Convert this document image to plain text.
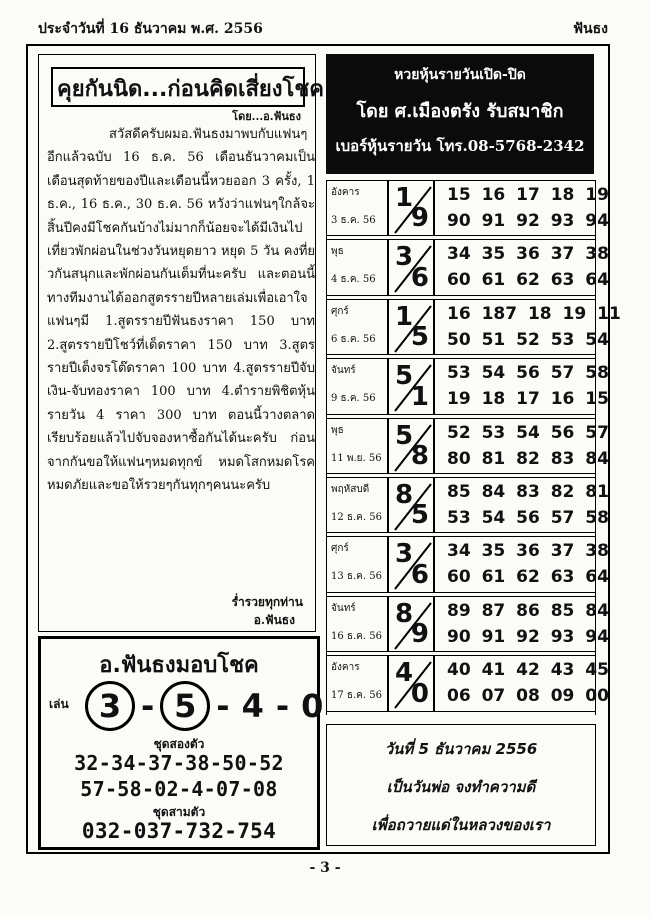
ประจำวันที่ 16 ธันวาคม พ.ศ. 2556	ฟันธง
คุยกันนิด...ก่อนคิดเสี่ยงโชค
โดย...อ.ฟันธง

สวัสดีครับผมอ.ฟันธงมาพบกับแฟนๆ อีกแล้วฉบับ 16 ธ.ค. 56 เดือนธันวาคมเป็นเดือนสุดท้ายของปีและเดือนนี้หวยออก 3 ครั้ง, 1 ธ.ค., 16 ธ.ค., 30 ธ.ค. 56 หวังว่าแฟนๆใกล้จะสิ้นปีคงมีโชคกันบ้างไม่มากก็น้อยจะได้มีเงินไปเที่ยวพักผ่อนในช่วงวันหยุดยาว หยุด 5 วัน คงที่ยวกันสนุกและพักผ่อนกันเต็มที่นะครับ และตอนนี้ทางทีมงานได้ออกสูตรรายปีหลายเล่มเพื่อเอาใจแฟนๆมี 1.สูตรรายปีฟันธงราคา 150 บาท 2.สูตรรายปีโชว์ที่เด็ดราคา 150 บาท 3.สูตรรายปีเต็งจรโต๊ดราคา 100 บาท 4.สูตรรายปีจับเงิน-จับทองราคา 100 บาท 4.ตำรายพิชิตหุ้นรายวัน 4 ราคา 300 บาท ตอนนี้วางตลาดเรียบร้อยแล้วไปจับจองหาซื้อกันได้นะครับ ก่อนจากกันขอให้แฟนๆหมดทุกข์ หมดโสกหมดโรคหมดภัยและขอให้รวยๆกันทุกๆคนนะครับ

ร่ำรวยทุกท่าน
อ.ฟันธง
อ.ฟันธงมอบโชค
เล่น 3 - 5 - 4 - 0
ชุดสองตัว
32-34-37-38-50-52
57-58-02-4-07-08
ชุดสามตัว
032-037-732-754
หวยหุ้นรายวันเปิด-ปิด
โดย ศ.เมืองตรัง รับสมาชิก
เบอร์หุ้นรายวัน โทร.08-5768-2342
อังคาร
3 ธ.ค. 56
1
9
15 16 17 18 19
90 91 92 93 94
พุธ
4 ธ.ค. 56
3
6
34 35 36 37 38
60 61 62 63 64
ศุกร์
6 ธ.ค. 56
1
5
16 187 18 19 11
50 51 52 53 54
จันทร์
9 ธ.ค. 56
5
1
53 54 56 57 58
19 18 17 16 15
พุธ
11 พ.ย. 56
5
8
52 53 54 56 57
80 81 82 83 84
พฤหัสบดี
12 ธ.ค. 56
8
5
85 84 83 82 81
53 54 56 57 58
ศุกร์
13 ธ.ค. 56
3
6
34 35 36 37 38
60 61 62 63 64
จันทร์
16 ธ.ค. 56
8
9
89 87 86 85 84
90 91 92 93 94
อังคาร
17 ธ.ค. 56
4
0
40 41 42 43 45
06 07 08 09 00
วันที่ 5 ธันวาคม 2556
เป็นวันพ่อ จงทำความดี
เพื่อถวายแด่ในหลวงของเรา
- 3 -
